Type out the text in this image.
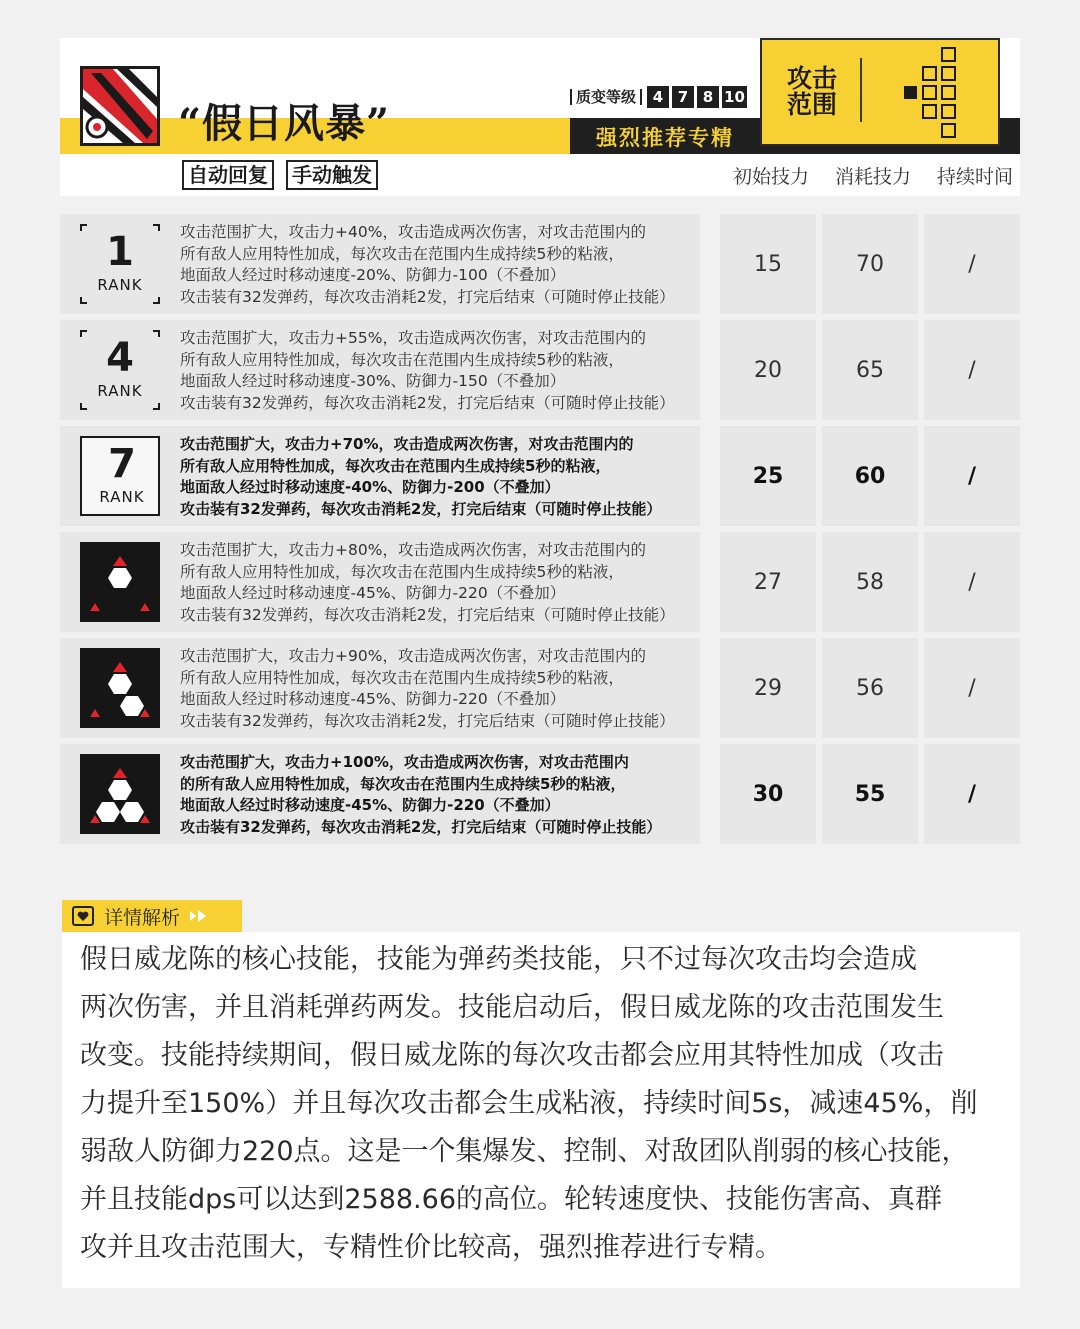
“假日风暴”
自动回复	手动触发
质变等级	4 7 8 10
强烈推荐专精
攻击范围
初始技力	消耗技力	持续时间
1
RANK
攻击范围扩大，攻击力+40%，攻击造成两次伤害，对攻击范围内的
所有敌人应用特性加成，每次攻击在范围内生成持续5秒的粘液，
地面敌人经过时移动速度-20%、防御力-100（不叠加）
攻击装有32发弹药，每次攻击消耗2发，打完后结束（可随时停止技能）
15	70	/
4
RANK
攻击范围扩大，攻击力+55%，攻击造成两次伤害，对攻击范围内的
所有敌人应用特性加成，每次攻击在范围内生成持续5秒的粘液，
地面敌人经过时移动速度-30%、防御力-150（不叠加）
攻击装有32发弹药，每次攻击消耗2发，打完后结束（可随时停止技能）
20	65	/
7
RANK
攻击范围扩大，攻击力+70%，攻击造成两次伤害，对攻击范围内的
所有敌人应用特性加成，每次攻击在范围内生成持续5秒的粘液，
地面敌人经过时移动速度-40%、防御力-200（不叠加）
攻击装有32发弹药，每次攻击消耗2发，打完后结束（可随时停止技能）
25	60	/
攻击范围扩大，攻击力+80%，攻击造成两次伤害，对攻击范围内的
所有敌人应用特性加成，每次攻击在范围内生成持续5秒的粘液，
地面敌人经过时移动速度-45%、防御力-220（不叠加）
攻击装有32发弹药，每次攻击消耗2发，打完后结束（可随时停止技能）
27	58	/
攻击范围扩大，攻击力+90%，攻击造成两次伤害，对攻击范围内的
所有敌人应用特性加成，每次攻击在范围内生成持续5秒的粘液，
地面敌人经过时移动速度-45%、防御力-220（不叠加）
攻击装有32发弹药，每次攻击消耗2发，打完后结束（可随时停止技能）
29	56	/
攻击范围扩大，攻击力+100%，攻击造成两次伤害，对攻击范围内
的所有敌人应用特性加成，每次攻击在范围内生成持续5秒的粘液，
地面敌人经过时移动速度-45%、防御力-220（不叠加）
攻击装有32发弹药，每次攻击消耗2发，打完后结束（可随时停止技能）
30	55	/
详情解析
假日威龙陈的核心技能，技能为弹药类技能，只不过每次攻击均会造成
两次伤害，并且消耗弹药两发。技能启动后，假日威龙陈的攻击范围发生
改变。技能持续期间，假日威龙陈的每次攻击都会应用其特性加成（攻击
力提升至150%）并且每次攻击都会生成粘液，持续时间5s，减速45%，削
弱敌人防御力220点。这是一个集爆发、控制、对敌团队削弱的核心技能，
并且技能dps可以达到2588.66的高位。轮转速度快、技能伤害高、真群
攻并且攻击范围大，专精性价比较高，强烈推荐进行专精。
